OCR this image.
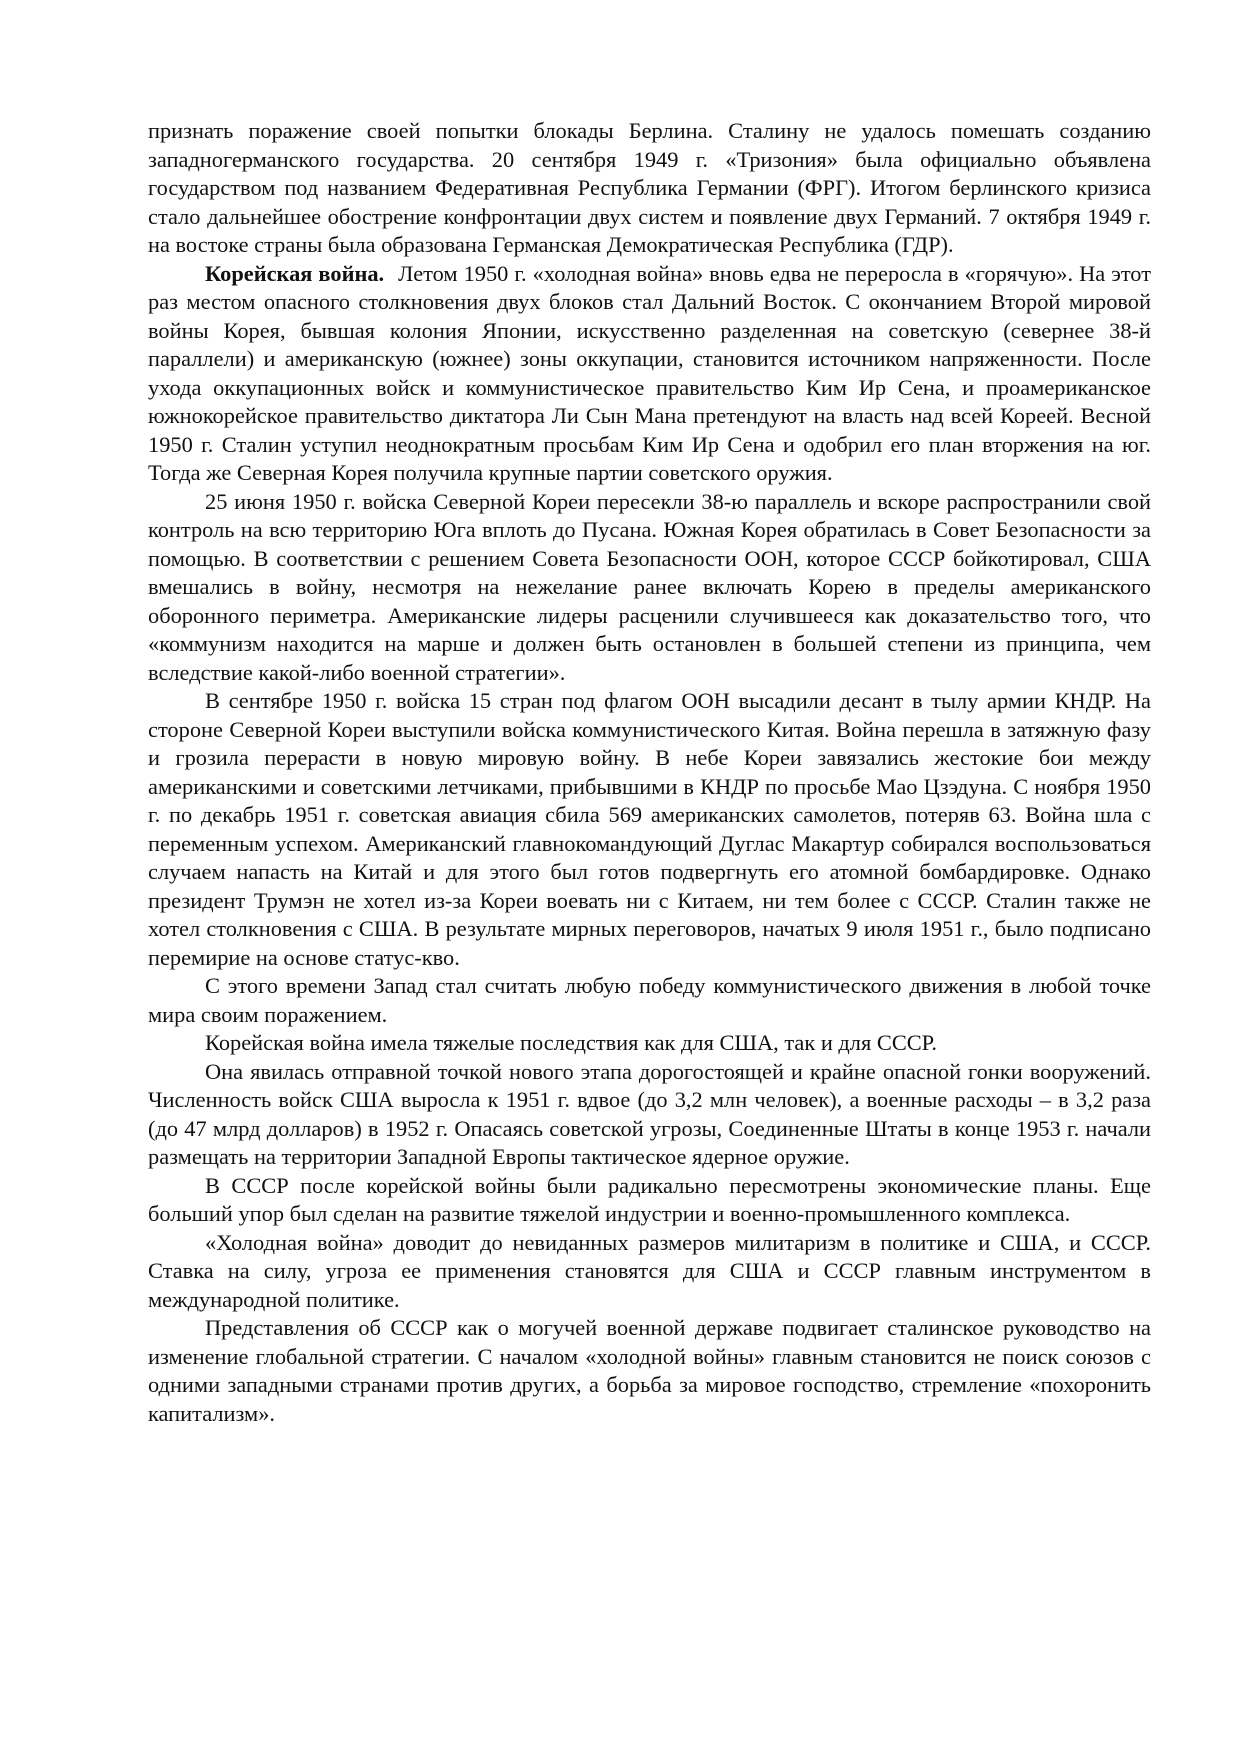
признать поражение своей попытки блокады Берлина. Сталину не удалось помешать созданию западногерманского государства. 20 сентября 1949 г. «Тризония» была официально объявлена государством под названием Федеративная Республика Германии (ФРГ). Итогом берлинского кризиса стало дальнейшее обострение конфронтации двух систем и появление двух Германий. 7 октября 1949 г. на востоке страны была образована Германская Демократическая Республика (ГДР).

Корейская война. Летом 1950 г. «холодная война» вновь едва не переросла в «горячую». На этот раз местом опасного столкновения двух блоков стал Дальний Восток. С окончанием Второй мировой войны Корея, бывшая колония Японии, искусственно разделенная на советскую (севернее 38-й параллели) и американскую (южнее) зоны оккупации, становится источником напряженности. После ухода оккупационных войск и коммунистическое правительство Ким Ир Сена, и проамериканское южнокорейское правительство диктатора Ли Сын Мана претендуют на власть над всей Кореей. Весной 1950 г. Сталин уступил неоднократным просьбам Ким Ир Сена и одобрил его план вторжения на юг. Тогда же Северная Корея получила крупные партии советского оружия.

25 июня 1950 г. войска Северной Кореи пересекли 38-ю параллель и вскоре распространили свой контроль на всю территорию Юга вплоть до Пусана. Южная Корея обратилась в Совет Безопасности за помощью. В соответствии с решением Совета Безопасности ООН, которое СССР бойкотировал, США вмешались в войну, несмотря на нежелание ранее включать Корею в пределы американского оборонного периметра. Американские лидеры расценили случившееся как доказательство того, что «коммунизм находится на марше и должен быть остановлен в большей степени из принципа, чем вследствие какой-либо военной стратегии».

В сентябре 1950 г. войска 15 стран под флагом ООН высадили десант в тылу армии КНДР. На стороне Северной Кореи выступили войска коммунистического Китая. Война перешла в затяжную фазу и грозила перерасти в новую мировую войну. В небе Кореи завязались жестокие бои между американскими и советскими летчиками, прибывшими в КНДР по просьбе Мао Цзэдуна. С ноября 1950 г. по декабрь 1951 г. советская авиация сбила 569 американских самолетов, потеряв 63. Война шла с переменным успехом. Американский главнокомандующий Дуглас Макартур собирался воспользоваться случаем напасть на Китай и для этого был готов подвергнуть его атомной бомбардировке. Однако президент Трумэн не хотел из-за Кореи воевать ни с Китаем, ни тем более с СССР. Сталин также не хотел столкновения с США. В результате мирных переговоров, начатых 9 июля 1951 г., было подписано перемирие на основе статус-кво.

С этого времени Запад стал считать любую победу коммунистического движения в любой точке мира своим поражением.

Корейская война имела тяжелые последствия как для США, так и для СССР.

Она явилась отправной точкой нового этапа дорогостоящей и крайне опасной гонки вооружений. Численность войск США выросла к 1951 г. вдвое (до 3,2 млн человек), а военные расходы – в 3,2 раза (до 47 млрд долларов) в 1952 г. Опасаясь советской угрозы, Соединенные Штаты в конце 1953 г. начали размещать на территории Западной Европы тактическое ядерное оружие.

В СССР после корейской войны были радикально пересмотрены экономические планы. Еще больший упор был сделан на развитие тяжелой индустрии и военно-промышленного комплекса.

«Холодная война» доводит до невиданных размеров милитаризм в политике и США, и СССР. Ставка на силу, угроза ее применения становятся для США и СССР главным инструментом в международной политике.

Представления об СССР как о могучей военной державе подвигает сталинское руководство на изменение глобальной стратегии. С началом «холодной войны» главным становится не поиск союзов с одними западными странами против других, а борьба за мировое господство, стремление «похоронить капитализм».
